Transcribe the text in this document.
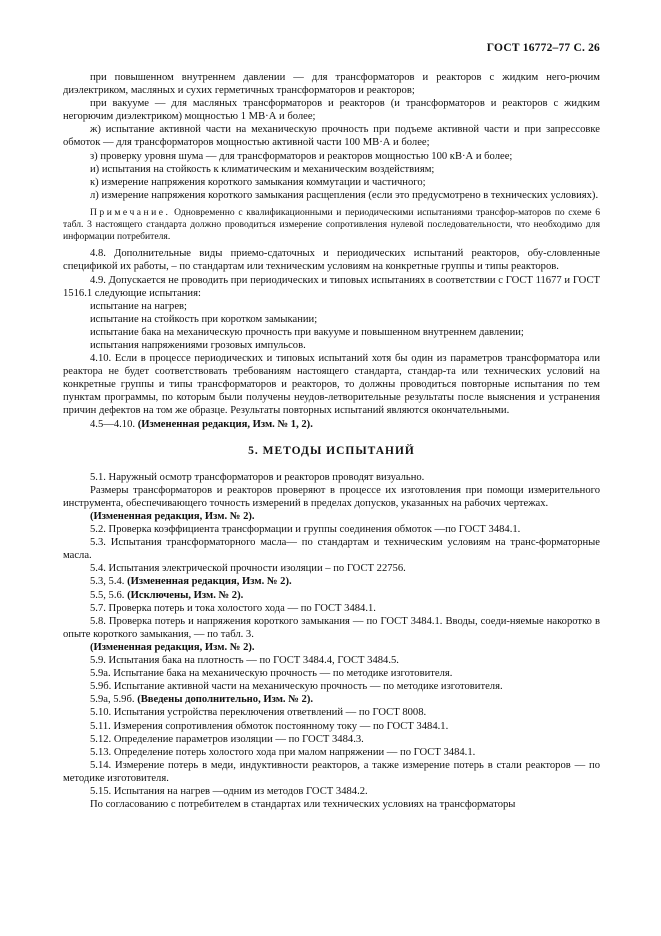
ГОСТ 16772–77 С. 26

при повышенном внутреннем давлении — для трансформаторов и реакторов с жидким него-рючим диэлектриком, масляных и сухих герметичных трансформаторов и реакторов;

при вакууме — для масляных трансформаторов и реакторов (и трансформаторов и реакторов с жидким негорючим диэлектриком) мощностью 1 МВ·А и более;

ж) испытание активной части на механическую прочность при подъеме активной части и при запрессовке обмоток — для трансформаторов мощностью активной части 100 МВ·А и более;

з) проверку уровня шума — для трансформаторов и реакторов мощностью 100 кВ·А и более;

и) испытания на стойкость к климатическим и механическим воздействиям;

к) измерение напряжения короткого замыкания коммутации и частичного;

л) измерение напряжения короткого замыкания расщепления (если это предусмотрено в технических условиях).

Примечание. Одновременно с квалификационными и периодическими испытаниями трансфор-маторов по схеме 6 табл. 3 настоящего стандарта должно проводиться измерение сопротивления нулевой последовательности, что необходимо для информации потребителя.

4.8. Дополнительные виды приемо-сдаточных и периодических испытаний реакторов, обу-словленные спецификой их работы, – по стандартам или техническим условиям на конкретные группы и типы реакторов.

4.9. Допускается не проводить при периодических и типовых испытаниях в соответствии с ГОСТ 11677 и ГОСТ 1516.1 следующие испытания:

испытание на нагрев;

испытание на стойкость при коротком замыкании;

испытание бака на механическую прочность при вакууме и повышенном внутреннем давлении;

испытания напряжениями грозовых импульсов.

4.10. Если в процессе периодических и типовых испытаний хотя бы один из параметров трансформатора или реактора не будет соответствовать требованиям настоящего стандарта, стандар-та или технических условий на конкретные группы и типы трансформаторов и реакторов, то должны проводиться повторные испытания по тем пунктам программы, по которым были получены неудов-летворительные результаты после выяснения и устранения причин дефектов на том же образце. Результаты повторных испытаний являются окончательными.

4.5—4.10. (Измененная редакция, Изм. № 1, 2).

5. МЕТОДЫ ИСПЫТАНИЙ

5.1. Наружный осмотр трансформаторов и реакторов проводят визуально.

Размеры трансформаторов и реакторов проверяют в процессе их изготовления при помощи измерительного инструмента, обеспечивающего точность измерений в пределах допусков, указанных на рабочих чертежах.

(Измененная редакция, Изм. № 2).

5.2. Проверка коэффициента трансформации и группы соединения обмоток —по ГОСТ 3484.1.

5.3. Испытания трансформаторного масла— по стандартам и техническим условиям на транс-форматорные масла.

5.4. Испытания электрической прочности изоляции – по ГОСТ 22756.

5.3, 5.4. (Измененная редакция, Изм. № 2).

5.5, 5.6. (Исключены, Изм. № 2).

5.7. Проверка потерь и тока холостого хода — по ГОСТ 3484.1.

5.8. Проверка потерь и напряжения короткого замыкания — по ГОСТ 3484.1. Вводы, соеди-няемые накоротко в опыте короткого замыкания, — по табл. 3.

(Измененная редакция, Изм. № 2).

5.9. Испытания бака на плотность — по ГОСТ 3484.4, ГОСТ 3484.5.

5.9а. Испытание бака на механическую прочность — по методике изготовителя.

5.9б. Испытание активной части на механическую прочность — по методике изготовителя.

5.9а, 5.9б. (Введены дополнительно, Изм. № 2).

5.10. Испытания устройства переключения ответвлений — по ГОСТ 8008.

5.11. Измерения сопротивления обмоток постоянному току — по ГОСТ 3484.1.

5.12. Определение параметров изоляции — по ГОСТ 3484.3.

5.13. Определение потерь холостого хода при малом напряжении — по ГОСТ 3484.1.

5.14. Измерение потерь в меди, индуктивности реакторов, а также измерение потерь в стали реакторов — по методике изготовителя.

5.15. Испытания на нагрев —одним из методов ГОСТ 3484.2.

По согласованию с потребителем в стандартах или технических условиях на трансформаторы
